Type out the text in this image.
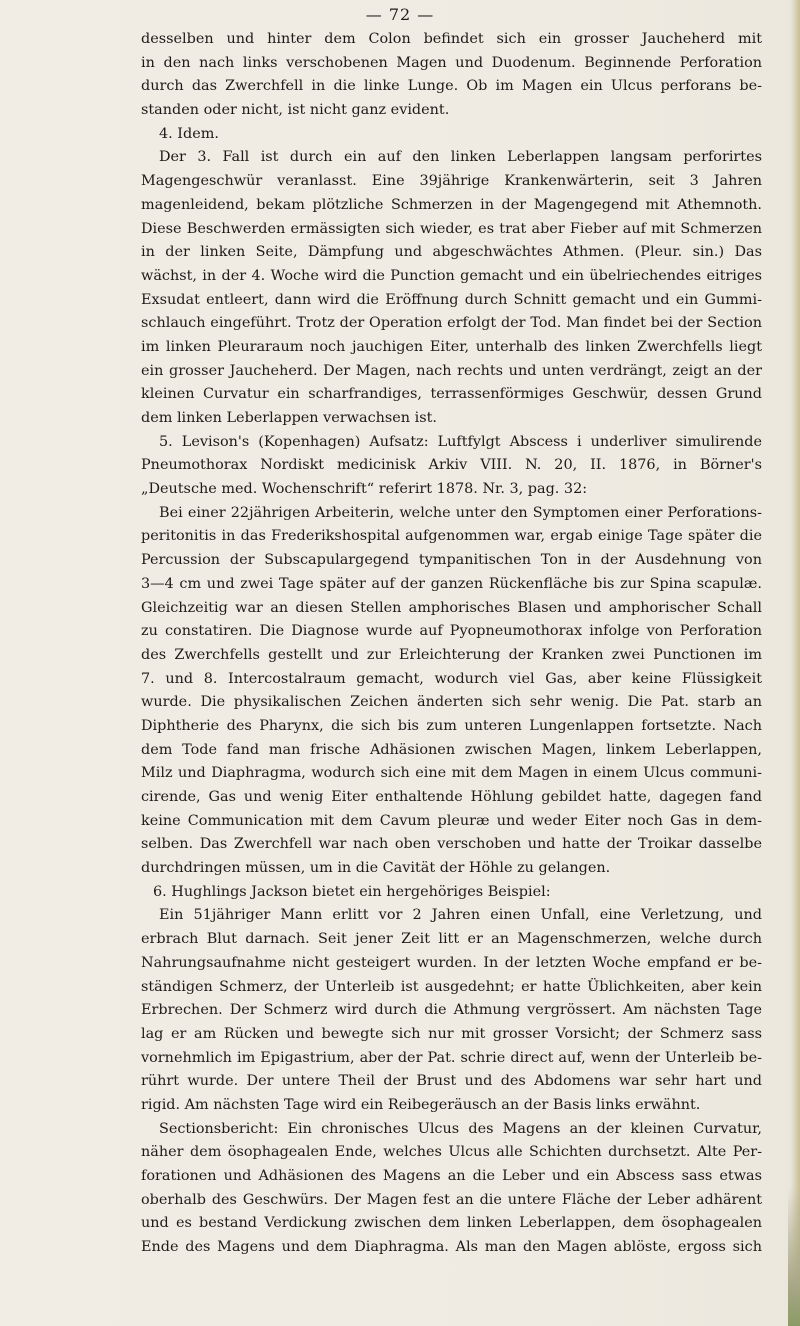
— 72 —
desselben und hinter dem Colon befindet sich ein grosser Jaucheherd mit
in den nach links verschobenen Magen und Duodenum. Beginnende Perforation
durch das Zwerchfell in die linke Lunge. Ob im Magen ein Ulcus perforans be-
standen oder nicht, ist nicht ganz evident.
4. Idem.
Der 3. Fall ist durch ein auf den linken Leberlappen langsam perforirtes
Magengeschwür veranlasst. Eine 39jährige Krankenwärterin, seit 3 Jahren
magenleidend, bekam plötzliche Schmerzen in der Magengegend mit Athemnoth.
Diese Beschwerden ermässigten sich wieder, es trat aber Fieber auf mit Schmerzen
in der linken Seite, Dämpfung und abgeschwächtes Athmen. (Pleur. sin.) Das
wächst, in der 4. Woche wird die Punction gemacht und ein übelriechendes eitriges
Exsudat entleert, dann wird die Eröffnung durch Schnitt gemacht und ein Gummi-
schlauch eingeführt. Trotz der Operation erfolgt der Tod. Man findet bei der Section
im linken Pleuraraum noch jauchigen Eiter, unterhalb des linken Zwerchfells liegt
ein grosser Jaucheherd. Der Magen, nach rechts und unten verdrängt, zeigt an der
kleinen Curvatur ein scharfrandiges, terrassenförmiges Geschwür, dessen Grund
dem linken Leberlappen verwachsen ist.
5. Levison's (Kopenhagen) Aufsatz: Luftfylgt Abscess i underliver simulirende
Pneumothorax Nordiskt medicinisk Arkiv VIII. N. 20, II. 1876, in Börner's
„Deutsche med. Wochenschrift“ referirt 1878. Nr. 3, pag. 32:
Bei einer 22jährigen Arbeiterin, welche unter den Symptomen einer Perforations-
peritonitis in das Frederikshospital aufgenommen war, ergab einige Tage später die
Percussion der Subscapulargegend tympanitischen Ton in der Ausdehnung von
3—4 cm und zwei Tage später auf der ganzen Rückenfläche bis zur Spina scapulæ.
Gleichzeitig war an diesen Stellen amphorisches Blasen und amphorischer Schall
zu constatiren. Die Diagnose wurde auf Pyopneumothorax infolge von Perforation
des Zwerchfells gestellt und zur Erleichterung der Kranken zwei Punctionen im
7. und 8. Intercostalraum gemacht, wodurch viel Gas, aber keine Flüssigkeit
wurde. Die physikalischen Zeichen änderten sich sehr wenig. Die Pat. starb an
Diphtherie des Pharynx, die sich bis zum unteren Lungenlappen fortsetzte. Nach
dem Tode fand man frische Adhäsionen zwischen Magen, linkem Leberlappen,
Milz und Diaphragma, wodurch sich eine mit dem Magen in einem Ulcus communi-
cirende, Gas und wenig Eiter enthaltende Höhlung gebildet hatte, dagegen fand
keine Communication mit dem Cavum pleuræ und weder Eiter noch Gas in dem-
selben. Das Zwerchfell war nach oben verschoben und hatte der Troikar dasselbe
durchdringen müssen, um in die Cavität der Höhle zu gelangen.
6. Hughlings Jackson bietet ein hergehöriges Beispiel:
Ein 51jähriger Mann erlitt vor 2 Jahren einen Unfall, eine Verletzung, und
erbrach Blut darnach. Seit jener Zeit litt er an Magenschmerzen, welche durch
Nahrungsaufnahme nicht gesteigert wurden. In der letzten Woche empfand er be-
ständigen Schmerz, der Unterleib ist ausgedehnt; er hatte Üblichkeiten, aber kein
Erbrechen. Der Schmerz wird durch die Athmung vergrössert. Am nächsten Tage
lag er am Rücken und bewegte sich nur mit grosser Vorsicht; der Schmerz sass
vornehmlich im Epigastrium, aber der Pat. schrie direct auf, wenn der Unterleib be-
rührt wurde. Der untere Theil der Brust und des Abdomens war sehr hart und
rigid. Am nächsten Tage wird ein Reibegeräusch an der Basis links erwähnt.
Sectionsbericht: Ein chronisches Ulcus des Magens an der kleinen Curvatur,
näher dem ösophagealen Ende, welches Ulcus alle Schichten durchsetzt. Alte Per-
forationen und Adhäsionen des Magens an die Leber und ein Abscess sass etwas
oberhalb des Geschwürs. Der Magen fest an die untere Fläche der Leber adhärent
und es bestand Verdickung zwischen dem linken Leberlappen, dem ösophagealen
Ende des Magens und dem Diaphragma. Als man den Magen ablöste, ergoss sich
